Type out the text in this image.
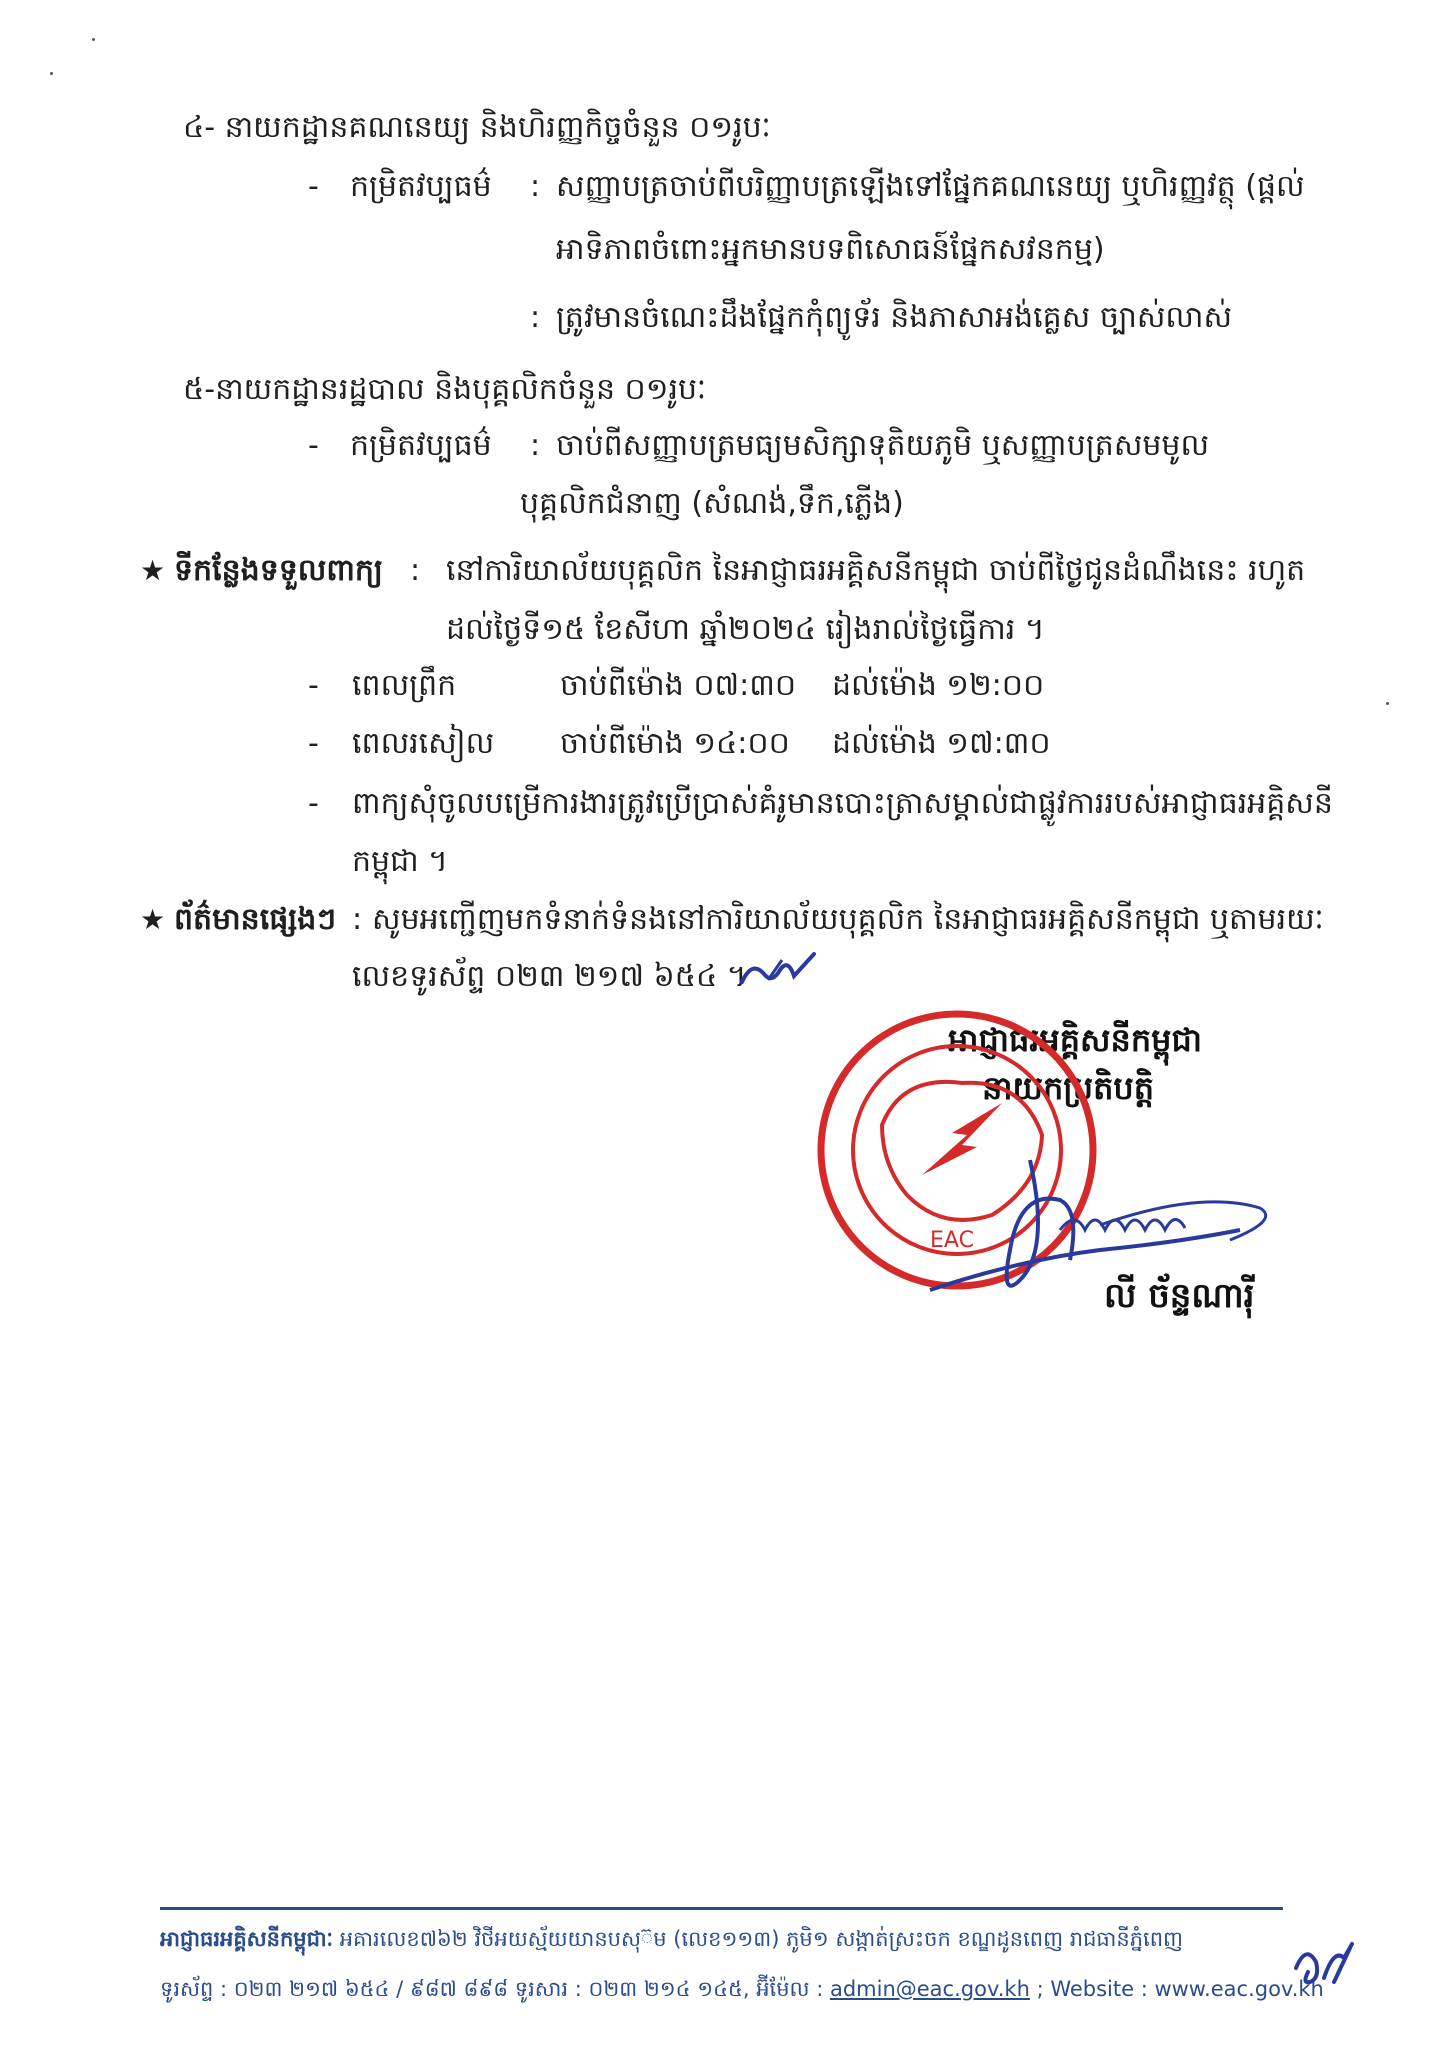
៤- នាយកដ្ឋានគណនេយ្យ និងហិរញ្ញកិច្ចចំនួន ០១រូបៈ
- កម្រិតវប្បធម៌ : សញ្ញាបត្រចាប់ពីបរិញ្ញាបត្រឡើងទៅផ្នែកគណនេយ្យ ឬហិរញ្ញវត្ថុ (ផ្តល់
អាទិភាពចំពោះអ្នកមានបទពិសោធន៍ផ្នែកសវនកម្ម)
: ត្រូវមានចំណេះដឹងផ្នែកកុំព្យូទ័រ និងភាសាអង់គ្លេស ច្បាស់លាស់
៥-នាយកដ្ឋានរដ្ឋបាល និងបុគ្គលិកចំនួន ០១រូបៈ
- កម្រិតវប្បធម៌ : ចាប់ពីសញ្ញាបត្រមធ្យមសិក្សាទុតិយភូមិ ឬសញ្ញាបត្រសមមូល
បុគ្គលិកជំនាញ (សំណង់,ទឹក,ភ្លើង)
★ ទីកន្លែងទទួលពាក្យ : នៅការិយាល័យបុគ្គលិក នៃអាជ្ញាធរអគ្គិសនីកម្ពុជា ចាប់ពីថ្ងៃជូនដំណឹងនេះ រហូត
ដល់ថ្ងៃទី១៥ ខែសីហា ឆ្នាំ២០២៤ រៀងរាល់ថ្ងៃធ្វើការ ។
- ពេលព្រឹក	ចាប់ពីម៉ោង ០៧:៣០ ដល់ម៉ោង ១២:០០
- ពេលរសៀល ចាប់ពីម៉ោង ១៤:០០ ដល់ម៉ោង ១៧:៣០
- ពាក្យសុំចូលបម្រើការងារត្រូវប្រើប្រាស់គំរូមានបោះត្រាសម្គាល់ជាផ្លូវការរបស់អាជ្ញាធរអគ្គិសនី
កម្ពុជា ។
★ ព័ត៌មានផ្សេងៗ : សូមអញ្ជើញមកទំនាក់ទំនងនៅការិយាល័យបុគ្គលិក នៃអាជ្ញាធរអគ្គិសនីកម្ពុជា ឬតាមរយៈ
លេខទូរស័ព្ទ ០២៣ ២១៧ ៦៥៤ ។
អាជ្ញាធរអគ្គិសនីកម្ពុជា
នាយកប្រតិបត្តិ
EAC
លី ច័ន្ទណារ៉ី
អាជ្ញាធរអគ្គិសនីកម្ពុជាៈ អគារលេខ៧៦២ វិថីអយស្ម័យយានបសុ៊ម (លេខ១១៣) ភូមិ១ សង្កាត់ស្រះចក ខណ្ឌដូនពេញ រាជធានីភ្នំពេញ
ទូរស័ព្ទ : ០២៣ ២១៧ ៦៥៤ / ៩៨៧ ៨៩៨ ទូរសារ : ០២៣ ២១៤ ១៤៥, អ៊ីម៉ែល : admin@eac.gov.kh ; Website : www.eac.gov.kh
